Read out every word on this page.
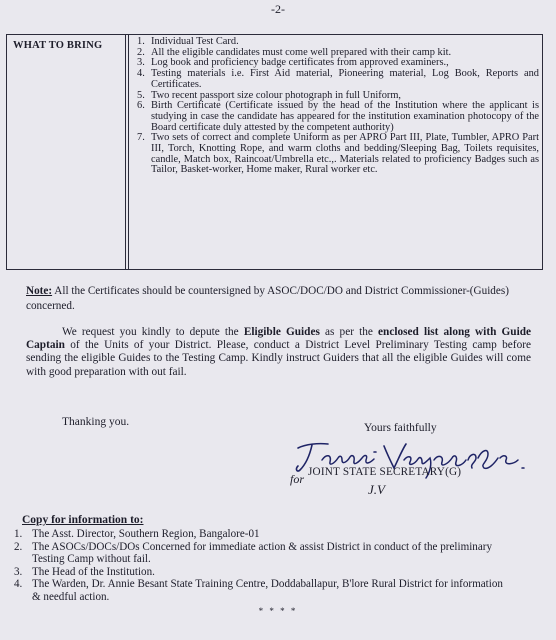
-2-
WHAT TO BRING	1. Individual Test Card.
2. All the eligible candidates must come well prepared with their camp kit.
3. Log book and proficiency badge certificates from approved examiners.,
4. Testing materials i.e. First Aid material, Pioneering material, Log Book, Reports and Certificates.
5. Two recent passport size colour photograph in full Uniform,
6. Birth Certificate (Certificate issued by the head of the Institution where the applicant is studying in case the candidate has appeared for the institution examination photocopy of the Board certificate duly attested by the competent authority)
7. Two sets of correct and complete Uniform as per APRO Part III, Plate, Tumbler, APRO Part III, Torch, Knotting Rope, and warm cloths and bedding/Sleeping Bag, Toilets requisites, candle, Match box, Raincoat/Umbrella etc.,. Materials related to proficiency Badges such as Tailor, Basket-worker, Home maker, Rural worker etc.
Note: All the Certificates should be countersigned by ASOC/DOC/DO and District Commissioner-(Guides) concerned.
We request you kindly to depute the Eligible Guides as per the enclosed list along with Guide Captain of the Units of your District. Please, conduct a District Level Preliminary Testing camp before sending the eligible Guides to the Testing Camp. Kindly instruct Guiders that all the eligible Guides will come with good preparation with out fail.
Thanking you.	Yours faithfully
for JOINT STATE SECRETARY(G)
J.V
Copy for information to:
1. The Asst. Director, Southern Region, Bangalore-01
2. The ASOCs/DOCs/DOs Concerned for immediate action & assist District in conduct of the preliminary Testing Camp without fail.
3. The Head of the Institution.
4. The Warden, Dr. Annie Besant State Training Centre, Doddaballapur, B'lore Rural District for information & needful action.
* * * *
